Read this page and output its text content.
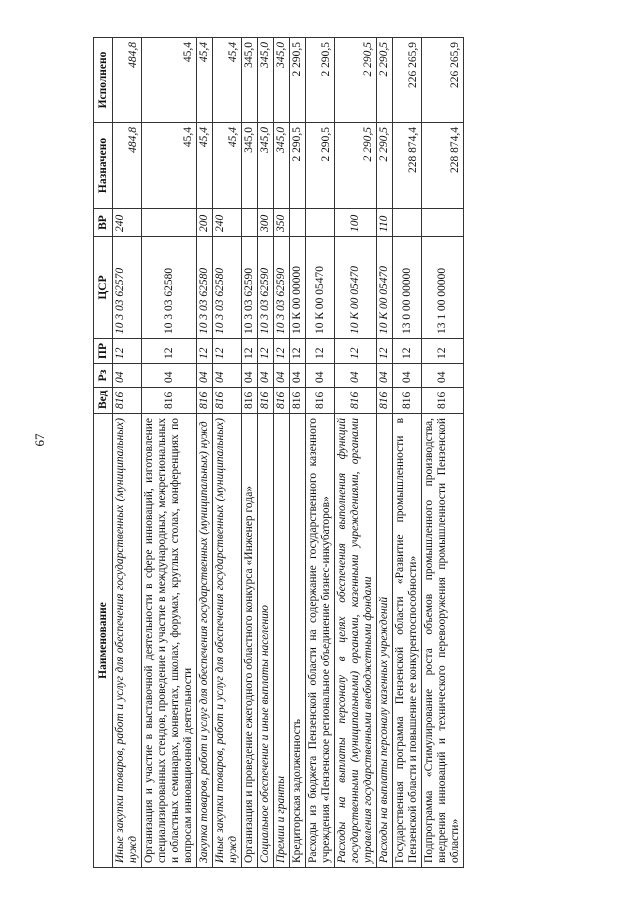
67
Наименование	Вед	Рз	ПР	ЦСР	ВР	Назначено	Исполнено
Иные закупки товаров, работ и услуг для обеспечения государственных (муниципальных) нужд	816	04	12	10 3 03 62570	240	484,8	484,8
Организация и участие в выставочной деятельности в сфере инноваций, изготовление специализированных стендов, проведение и участие в международных, межрегиональных и областных семинарах, конвентах, школах, форумах, круглых столах, конференциях по вопросам инновационной деятельности	816	04	12	10 3 03 62580		45,4	45,4
Закупка товаров, работ и услуг для обеспечения государственных (муниципальных) нужд	816	04	12	10 3 03 62580	200	45,4	45,4
Иные закупки товаров, работ и услуг для обеспечения государственных (муниципальных) нужд	816	04	12	10 3 03 62580	240	45,4	45,4
Организация и проведение ежегодного областного конкурса «Инженер года»	816	04	12	10 3 03 62590		345,0	345,0
Социальное обеспечение и иные выплаты населению	816	04	12	10 3 03 62590	300	345,0	345,0
Премии и гранты	816	04	12	10 3 03 62590	350	345,0	345,0
Кредиторская задолженность	816	04	12	10 К 00 00000		2 290,5	2 290,5
Расходы из бюджета Пензенской области на содержание государственного казенного учреждения «Пензенское региональное объединение бизнес-инкубаторов»	816	04	12	10 К 00 05470		2 290,5	2 290,5
Расходы на выплаты персоналу в целях обеспечения выполнения функций государственными (муниципальными) органами, казенными учреждениями, органами управления государственными внебюджетными фондами	816	04	12	10 К 00 05470	100	2 290,5	2 290,5
Расходы на выплаты персоналу казенных учреждений	816	04	12	10 К 00 05470	110	2 290,5	2 290,5
Государственная программа Пензенской области «Развитие промышленности в Пензенской области и повышение ее конкурентоспособности»	816	04	12	13 0 00 00000		228 874,4	226 265,9
Подпрограмма «Стимулирование роста объемов промышленного производства, внедрения инноваций и технического перевооружения промышленности Пензенской области»	816	04	12	13 1 00 00000		228 874,4	226 265,9
